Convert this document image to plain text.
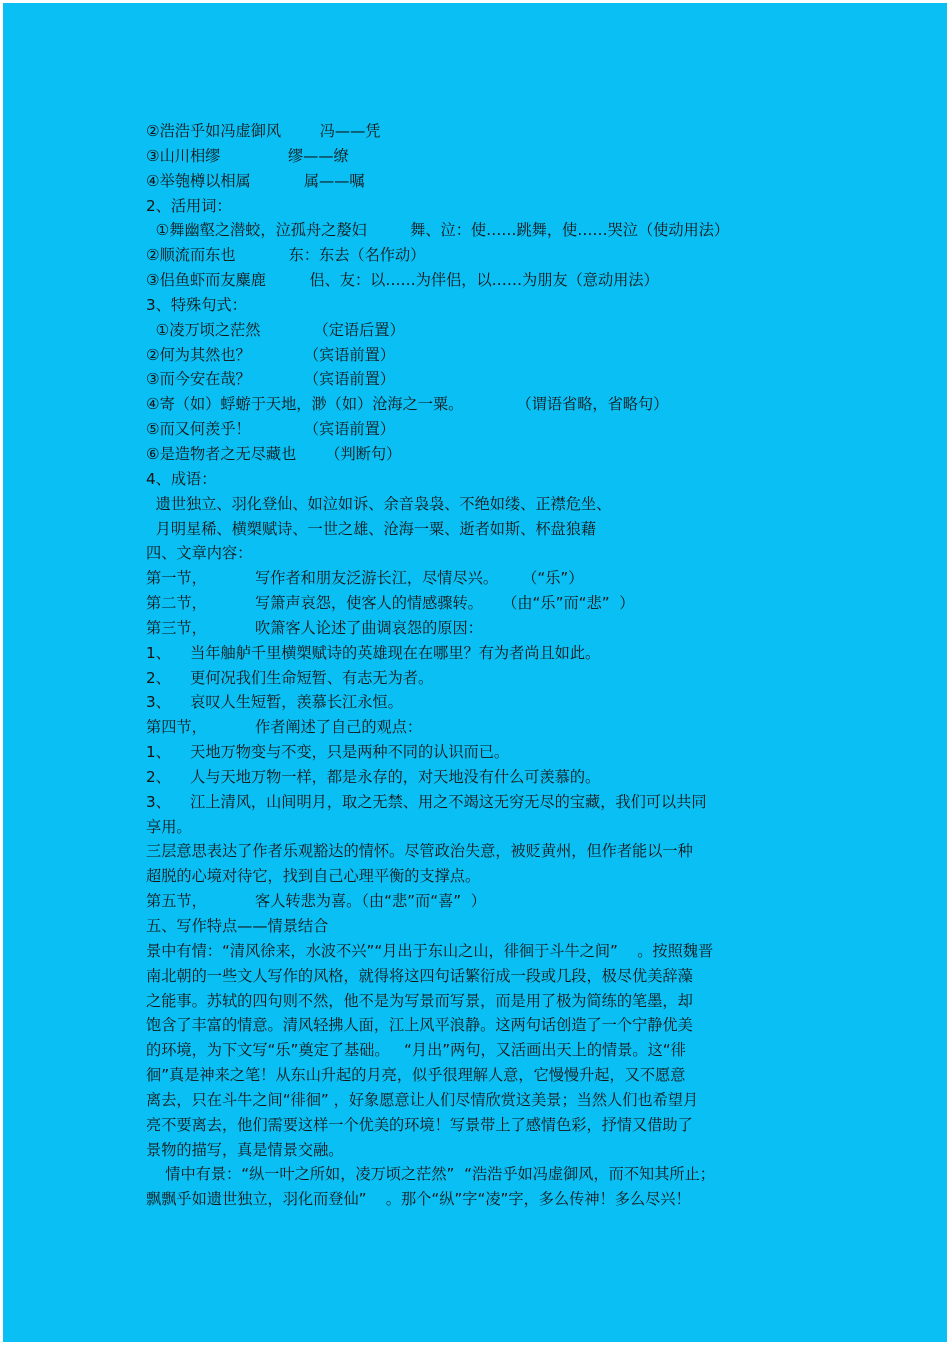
②浩浩乎如冯虚御风        冯——凭
③山川相缪              缪——缭
④举匏樽以相属           属——嘱
2、活用词：
①舞幽壑之潜蛟，泣孤舟之嫠妇         舞、泣：使……跳舞，使……哭泣（使动用法）
②顺流而东也           东：东去（名作动）
③侣鱼虾而友麋鹿         侣、友：以……为伴侣，以……为朋友（意动用法）
3、特殊句式：
①凌万顷之茫然           （定语后置）
②何为其然也？           （宾语前置）
③而今安在哉？           （宾语前置）
④寄（如）蜉蝣于天地，渺（如）沧海之一粟。           （谓语省略，省略句）
⑤而又何羡乎！           （宾语前置）
⑥是造物者之无尽藏也      （判断句）
4、成语：
遗世独立、羽化登仙、如泣如诉、余音袅袅、不绝如缕、正襟危坐、
月明星稀、横槊赋诗、一世之雄、沧海一粟、逝者如斯、杯盘狼藉
四、文章内容：
第一节，          写作者和朋友泛游长江，尽情尽兴。     （“乐”）
第二节，          写箫声哀怨，使客人的情感骤转。    （由“乐”而“悲”  ）
第三节，          吹箫客人论述了曲调哀怨的原因：
1、    当年舳舻千里横槊赋诗的英雄现在在哪里？有为者尚且如此。
2、    更何况我们生命短暂、有志无为者。
3、    哀叹人生短暂，羡慕长江永恒。
第四节，          作者阐述了自己的观点：
1、    天地万物变与不变，只是两种不同的认识而已。
2、    人与天地万物一样，都是永存的，对天地没有什么可羡慕的。
3、    江上清风，山间明月，取之无禁、用之不竭这无穷无尽的宝藏，我们可以共同
享用。
三层意思表达了作者乐观豁达的情怀。尽管政治失意，被贬黄州，但作者能以一种
超脱的心境对待它，找到自己心理平衡的支撑点。
第五节，          客人转悲为喜。（由“悲”而“喜”  ）
五、写作特点——情景结合
景中有情：“清风徐来，水波不兴”“月出于东山之山，徘徊于斗牛之间”    。按照魏晋
南北朝的一些文人写作的风格，就得将这四句话繁衍成一段或几段，极尽优美辞藻
之能事。苏轼的四句则不然，他不是为写景而写景，而是用了极为简练的笔墨，却
饱含了丰富的情意。清风轻拂人面，江上风平浪静。这两句话创造了一个宁静优美
的环境，为下文写“乐”奠定了基础。   “月出”两句，又活画出天上的情景。这“徘
徊”真是神来之笔！从东山升起的月亮，似乎很理解人意，它慢慢升起，又不愿意
离去，只在斗牛之间“徘徊” ，好象愿意让人们尽情欣赏这美景；当然人们也希望月
亮不要离去，他们需要这样一个优美的环境！写景带上了感情色彩，抒情又借助了
景物的描写，真是情景交融。
情中有景：“纵一叶之所如，凌万顷之茫然”  “浩浩乎如冯虚御风，而不知其所止；
飘飘乎如遗世独立，羽化而登仙”    。那个“纵”字“凌”字，多么传神！多么尽兴！
